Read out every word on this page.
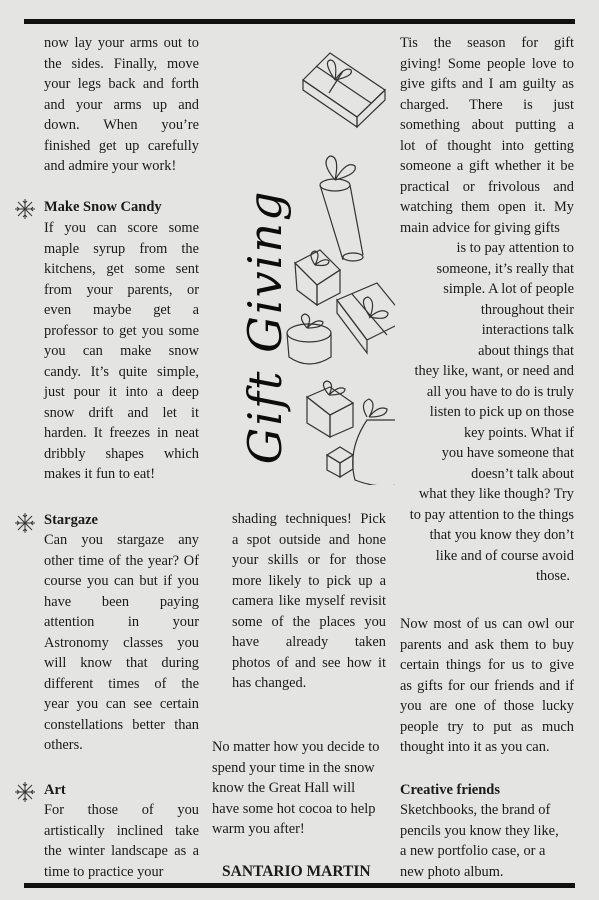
now lay your arms out to
the sides. Finally, move
your legs back and forth
and your arms up and
down. When you’re
finished get up carefully
and admire your work!
Make Snow Candy
If you can score some
maple syrup from the
kitchens, get some sent
from your parents, or
even maybe get a
professor to get you some
you can make snow
candy. It’s quite simple,
just pour it into a deep
snow drift and let it
harden. It freezes in neat
dribbly shapes which
makes it fun to eat!
Stargaze
Can you stargaze any
other time of the year? Of
course you can but if you
have been paying
attention in your
Astronomy classes you
will know that during
different times of the
year you can see certain
constellations better than
others.
Art
For those of you
artistically inclined take
the winter landscape as a
time to practice your
Gift Giving
shading techniques! Pick
a spot outside and hone
your skills or for those
more likely to pick up a
camera like myself revisit
some of the places you
have already taken
photos of and see how it
has changed.
No matter how you decide to
spend your time in the snow
know the Great Hall will
have some hot cocoa to help
warm you after!
SANTARIO MARTIN
Tis the season for gift
giving! Some people love to
give gifts and I am guilty as
charged. There is just
something about putting a
lot of thought into getting
someone a gift whether it be
practical or frivolous and
watching them open it. My
main advice for giving gifts
is to pay attention to
someone, it’s really that
simple. A lot of people
throughout their
interactions talk
about things that
they like, want, or need and
all you have to do is truly
listen to pick up on those
key points. What if
you have someone that
doesn’t talk about
what they like though? Try
to pay attention to the things
that you know they don’t
like and of course avoid
those.
Now most of us can owl our
parents and ask them to buy
certain things for us to give
as gifts for our friends and if
you are one of those lucky
people try to put as much
thought into it as you can.
Creative friends
Sketchbooks, the brand of
pencils you know they like,
a new portfolio case, or a
new photo album.
